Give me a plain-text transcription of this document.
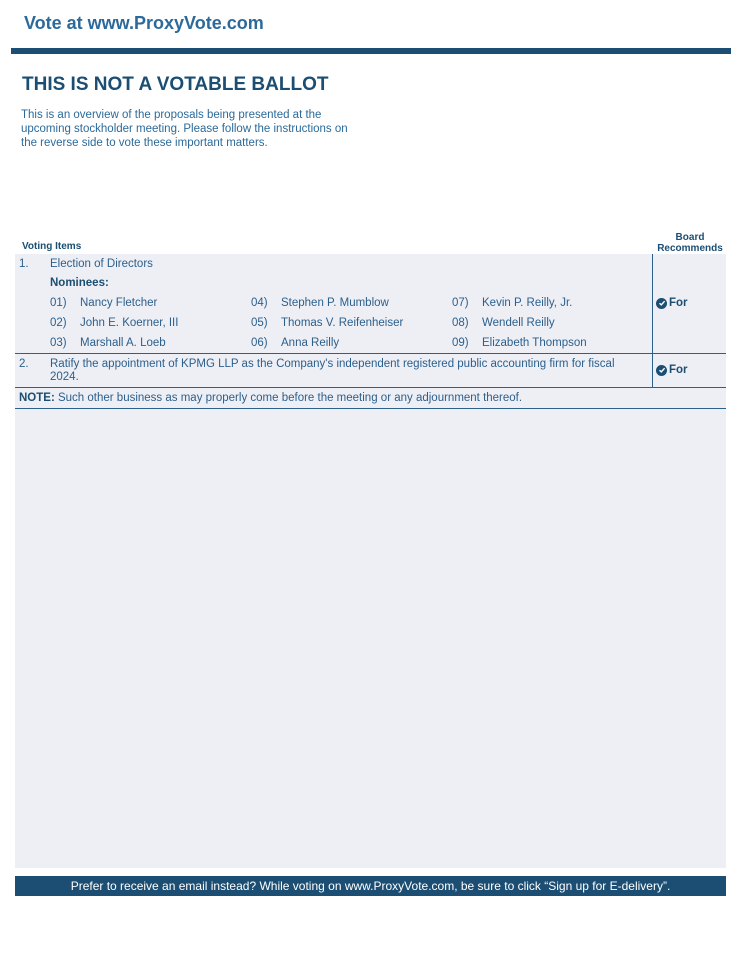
Vote at www.ProxyVote.com
THIS IS NOT A VOTABLE BALLOT
This is an overview of the proposals being presented at the
upcoming stockholder meeting. Please follow the instructions on
the reverse side to vote these important matters.
Voting Items
Board
Recommends
1. Election of Directors
Nominees:
01) Nancy Fletcher
02) John E. Koerner, III
03) Marshall A. Loeb
04) Stephen P. Mumblow
05) Thomas V. Reifenheiser
06) Anna Reilly
07) Kevin P. Reilly, Jr.
08) Wendell Reilly
09) Elizabeth Thompson
For
2. Ratify the appointment of KPMG LLP as the Company's independent registered public accounting firm for fiscal
2024.
For
NOTE: Such other business as may properly come before the meeting or any adjournment thereof.
Prefer to receive an email instead? While voting on www.ProxyVote.com, be sure to click “Sign up for E-delivery”.
